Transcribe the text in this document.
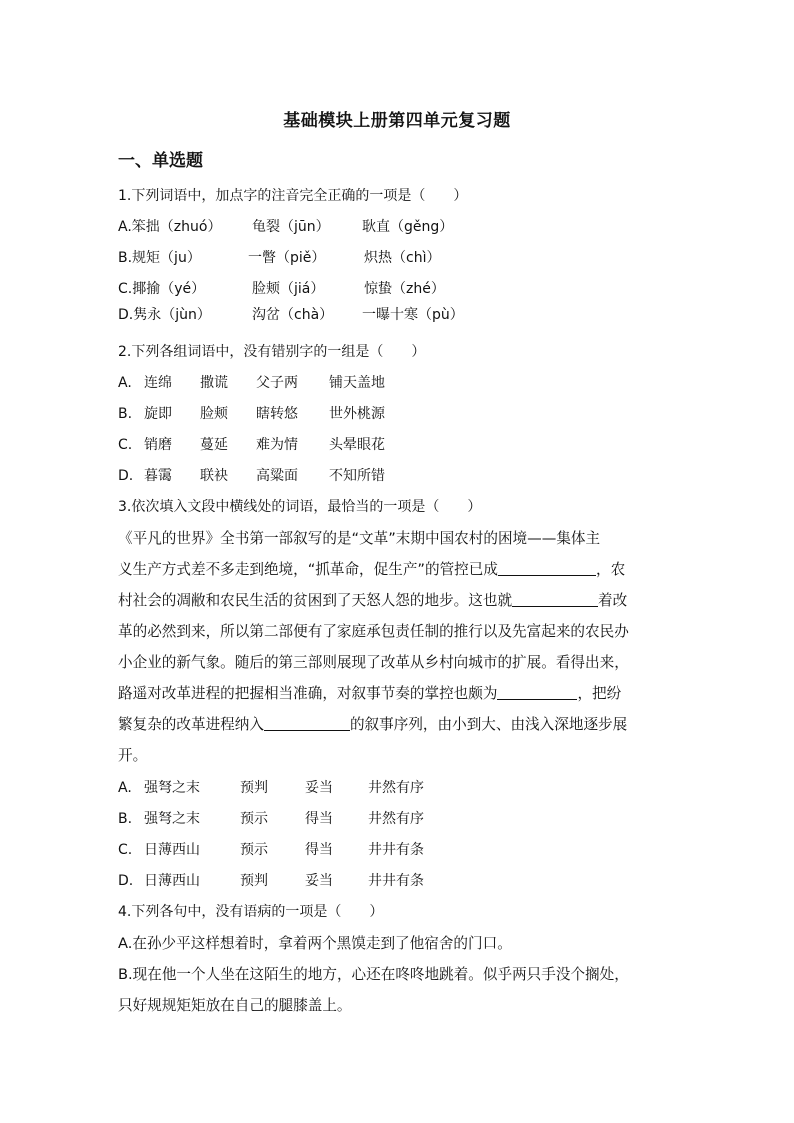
基础模块上册第四单元复习题
一、单选题
1.下列词语中，加点字的注音完全正确的一项是（　　）
A.笨拙（zhuó） 龟裂（jūn） 耿直（gěng）
B.规矩（ju）	一瞥（piě）	炽热（chì）
C.揶揄（yé）	脸颊（jiá）	惊蛰（zhé）
D.隽永（jùn）	沟岔（chà） 一曝十寒（pù）
2.下列各组词语中，没有错别字的一组是（　　）
A. 连绵 撒谎 父子两 铺天盖地
B. 旋即 脸颊 瞎转悠 世外桃源
C. 销磨 蔓延 难为情 头晕眼花
D. 暮霭 联袂 高粱面 不知所错
3.依次填入文段中横线处的词语，最恰当的一项是（　　）

《平凡的世界》全书第一部叙写的是“文革”末期中国农村的困境——集体主

义生产方式差不多走到绝境，“抓革命，促生产”的管控已成	，农

村社会的凋敝和农民生活的贫困到了天怒人怨的地步。这也就	着改

革的必然到来，所以第二部便有了家庭承包责任制的推行以及先富起来的农民办

小企业的新气象。随后的第三部则展现了改革从乡村向城市的扩展。看得出来，

路遥对改革进程的把握相当准确，对叙事节奏的掌控也颇为	，把纷

繁复杂的改革进程纳入	的叙事序列，由小到大、由浅入深地逐步展

开。

A. 强弩之末	预判	妥当	井然有序
B. 强弩之末	预示	得当	井然有序
C. 日薄西山	预示	得当	井井有条
D. 日薄西山	预判	妥当	井井有条
4.下列各句中，没有语病的一项是（　　）

A.在孙少平这样想着时，拿着两个黑馍走到了他宿舍的门口。

B.现在他一个人坐在这陌生的地方，心还在咚咚地跳着。似乎两只手没个搁处，

只好规规矩矩放在自己的腿膝盖上。
